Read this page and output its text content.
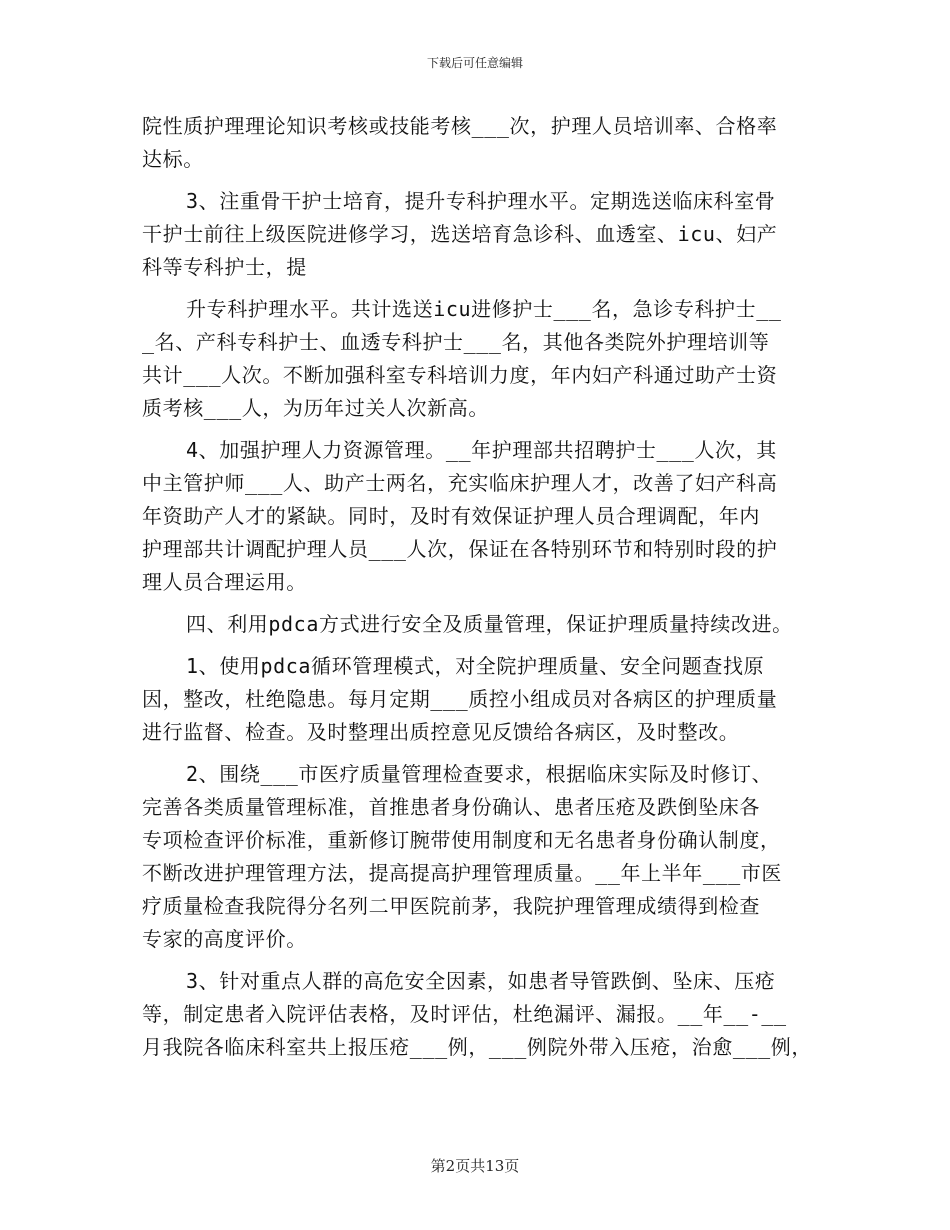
下载后可任意编辑
院性质护理理论知识考核或技能考核___次，护理人员培训率、合格率
达标。
3、注重骨干护士培育，提升专科护理水平。定期选送临床科室骨
干护士前往上级医院进修学习，选送培育急诊科、血透室、icu、妇产
科等专科护士，提
升专科护理水平。共计选送icu进修护士___名，急诊专科护士__
_名、产科专科护士、血透专科护士___名，其他各类院外护理培训等
共计___人次。不断加强科室专科培训力度，年内妇产科通过助产士资
质考核___人，为历年过关人次新高。
4、加强护理人力资源管理。__年护理部共招聘护士___人次，其
中主管护师___人、助产士两名，充实临床护理人才，改善了妇产科高
年资助产人才的紧缺。同时，及时有效保证护理人员合理调配，年内
护理部共计调配护理人员___人次，保证在各特别环节和特别时段的护
理人员合理运用。
四、利用pdca方式进行安全及质量管理，保证护理质量持续改进。
1、使用pdca循环管理模式，对全院护理质量、安全问题查找原
因，整改，杜绝隐患。每月定期___质控小组成员对各病区的护理质量
进行监督、检查。及时整理出质控意见反馈给各病区，及时整改。
2、围绕___市医疗质量管理检查要求，根据临床实际及时修订、
完善各类质量管理标准，首推患者身份确认、患者压疮及跌倒坠床各
专项检查评价标准，重新修订腕带使用制度和无名患者身份确认制度，
不断改进护理管理方法，提高提高护理管理质量。__年上半年___市医
疗质量检查我院得分名列二甲医院前茅，我院护理管理成绩得到检查
专家的高度评价。
3、针对重点人群的高危安全因素，如患者导管跌倒、坠床、压疮
等，制定患者入院评估表格，及时评估，杜绝漏评、漏报。__年__-__
月我院各临床科室共上报压疮___例，___例院外带入压疮，治愈___例，
第2页共13页
